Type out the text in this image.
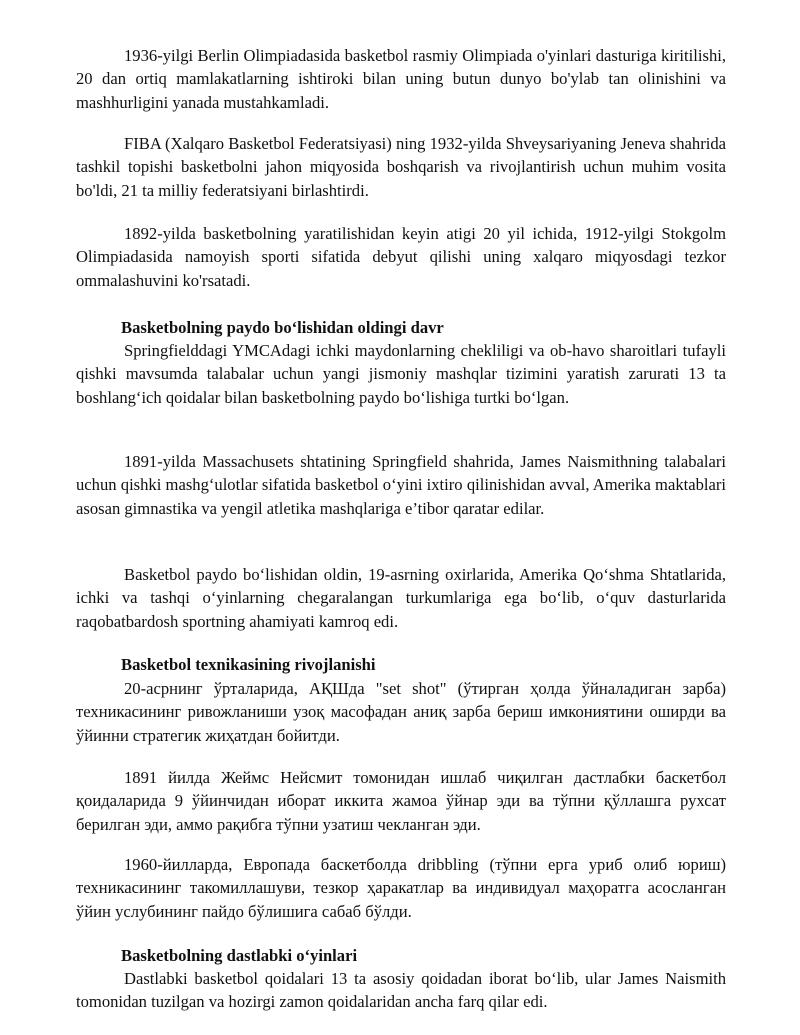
1936-yilgi Berlin Olimpiadasida basketbol rasmiy Olimpiada o'yinlari dasturiga kiritilishi, 20 dan ortiq mamlakatlarning ishtiroki bilan uning butun dunyo bo'ylab tan olinishini va mashhurligini yanada mustahkamladi.

FIBA (Xalqaro Basketbol Federatsiyasi) ning 1932-yilda Shveysariyaning Jeneva shahrida tashkil topishi basketbolni jahon miqyosida boshqarish va rivojlantirish uchun muhim vosita bo'ldi, 21 ta milliy federatsiyani birlashtirdi.

1892-yilda basketbolning yaratilishidan keyin atigi 20 yil ichida, 1912-yilgi Stokgolm Olimpiadasida namoyish sporti sifatida debyut qilishi uning xalqaro miqyosdagi tezkor ommalashuvini ko'rsatadi.

Basketbolning paydo bo‘lishidan oldingi davr

Springfielddagi YMCAdagi ichki maydonlarning chekliligi va ob-havo sharoitlari tufayli qishki mavsumda talabalar uchun yangi jismoniy mashqlar tizimini yaratish zarurati 13 ta boshlang‘ich qoidalar bilan basketbolning paydo bo‘lishiga turtki bo‘lgan.

1891-yilda Massachusets shtatining Springfield shahrida, James Naismithning talabalari uchun qishki mashg‘ulotlar sifatida basketbol o‘yini ixtiro qilinishidan avval, Amerika maktablari asosan gimnastika va yengil atletika mashqlariga e’tibor qaratar edilar.

Basketbol paydo bo‘lishidan oldin, 19-asrning oxirlarida, Amerika Qo‘shma Shtatlarida, ichki va tashqi o‘yinlarning chegaralangan turkumlariga ega bo‘lib, o‘quv dasturlarida raqobatbardosh sportning ahamiyati kamroq edi.

Basketbol texnikasining rivojlanishi

20-асрнинг ўрталарида, АҚШда "set shot" (ўтирган ҳолда ўйналадиган зарба) техникасининг ривожланиши узоқ масофадан аниқ зарба бериш имкониятини оширди ва ўйинни стратегик жиҳатдан бойитди.

1891 йилда Жеймс Нейсмит томонидан ишлаб чиқилган дастлабки баскетбол қоидаларида 9 ўйинчидан иборат иккита жамоа ўйнар эди ва тўпни қўллашга рухсат берилган эди, аммо рақибга тўпни узатиш чекланган эди.

1960-йилларда, Европада баскетболда dribbling (тўпни ерга уриб олиб юриш) техникасининг такомиллашуви, тезкор ҳаракатлар ва индивидуал маҳоратга асосланган ўйин услубининг пайдо бўлишига сабаб бўлди.

Basketbolning dastlabki o‘yinlari

Dastlabki basketbol qoidalari 13 ta asosiy qoidadan iborat bo‘lib, ular James Naismith tomonidan tuzilgan va hozirgi zamon qoidalaridan ancha farq qilar edi.
